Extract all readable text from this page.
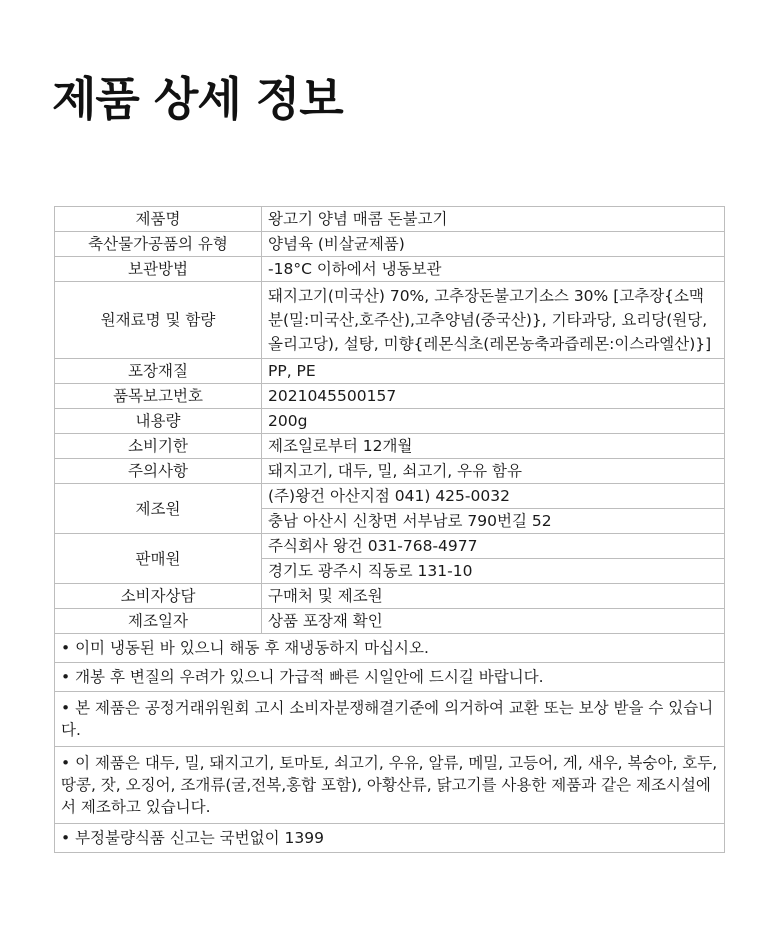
제품 상세 정보
제품명	왕고기 양념 매콤 돈불고기
축산물가공품의 유형	양념육 (비살균제품)
보관방법	-18°C 이하에서 냉동보관
원재료명 및 함량	돼지고기(미국산) 70%, 고추장돈불고기소스 30% [고추장{소맥분(밀:미국산,호주산),고추양념(중국산)}, 기타과당, 요리당(원당,올리고당), 설탕, 미향{레몬식초(레몬농축과즙레몬:이스라엘산)}]
포장재질	PP, PE
품목보고번호	2021045500157
내용량	200g
소비기한	제조일로부터 12개월
주의사항	돼지고기, 대두, 밀, 쇠고기, 우유 함유
제조원	(주)왕건 아산지점 041) 425-0032
	충남 아산시 신창면 서부남로 790번길 52
판매원	주식회사 왕건 031-768-4977
	경기도 광주시 직동로 131-10
소비자상담	구매처 및 제조원
제조일자	상품 포장재 확인
• 이미 냉동된 바 있으니 해동 후 재냉동하지 마십시오.	
• 개봉 후 변질의 우려가 있으니 가급적 빠른 시일안에 드시길 바랍니다.	
• 본 제품은 공정거래위원회 고시 소비자분쟁해결기준에 의거하여 교환 또는 보상 받을 수 있습니다.	
• 이 제품은 대두, 밀, 돼지고기, 토마토, 쇠고기, 우유, 알류, 메밀, 고등어, 게, 새우, 복숭아, 호두, 땅콩, 잣, 오징어, 조개류(굴,전복,홍합 포함), 아황산류, 닭고기를 사용한 제품과 같은 제조시설에서 제조하고 있습니다.	
• 부정불량식품 신고는 국번없이 1399	
